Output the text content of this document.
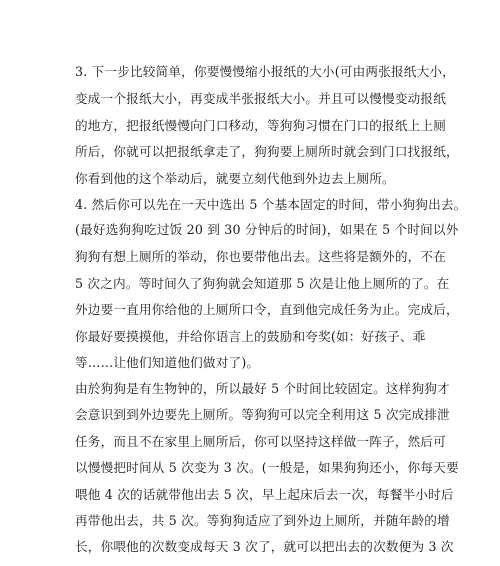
3. 下一步比较简单，你要慢慢缩小报纸的大小(可由两张报纸大小，
变成一个报纸大小，再变成半张报纸大小。并且可以慢慢变动报纸
的地方，把报纸慢慢向门口移动，等狗狗习惯在门口的报纸上上厕
所后，你就可以把报纸拿走了，狗狗要上厕所时就会到门口找报纸，
你看到他的这个举动后，就要立刻代他到外边去上厕所。
4. 然后你可以先在一天中选出 5 个基本固定的时间，带小狗狗出去。
(最好选狗狗吃过饭 20 到 30 分钟后的时间)，如果在 5 个时间以外
狗狗有想上厕所的举动，你也要带他出去。这些将是额外的，不在
5 次之内。等时间久了狗狗就会知道那 5 次是让他上厕所的了。在
外边要一直用你给他的上厕所口令，直到他完成任务为止。完成后，
你最好要摸摸他，并给你语言上的鼓励和夸奖(如：好孩子、乖
等……让他们知道他们做对了)。
由於狗狗是有生物钟的，所以最好 5 个时间比较固定。这样狗狗才
会意识到到外边要先上厕所。等狗狗可以完全利用这 5 次完成排泄
任务，而且不在家里上厕所后，你可以坚持这样做一阵子，然后可
以慢慢把时间从 5 次变为 3 次。(一般是，如果狗狗还小，你每天要
喂他 4 次的话就带他出去 5 次，早上起床后去一次，每餐半小时后
再带他出去，共 5 次。等狗狗适应了到外边上厕所，并随年龄的增
长，你喂他的次数变成每天 3 次了，就可以把出去的次数便为 3 次
